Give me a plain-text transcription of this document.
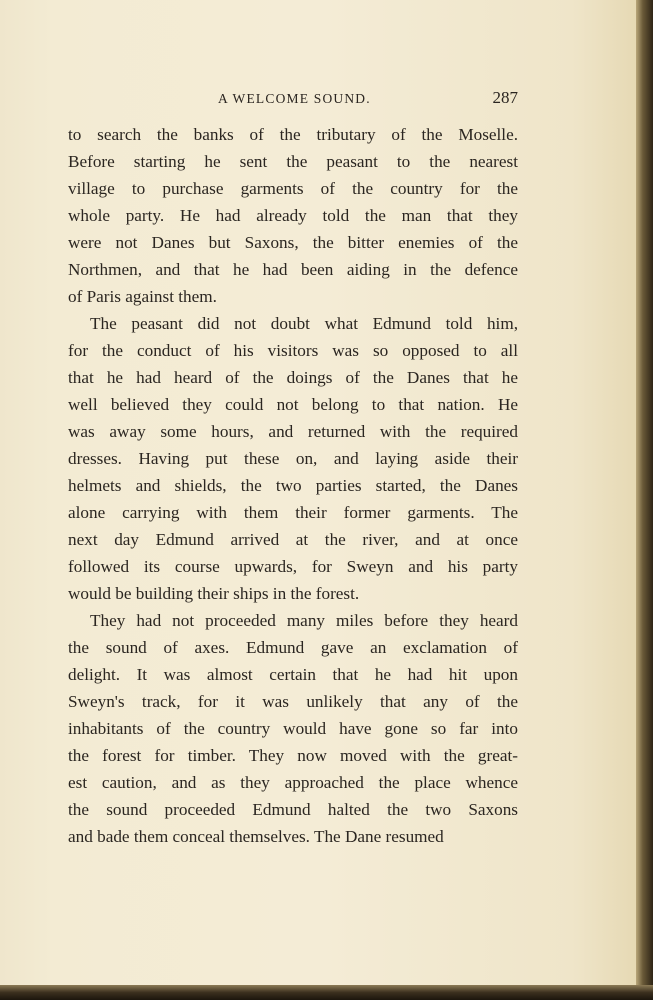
A WELCOME SOUND.	287
to search the banks of the tributary of the Moselle.
Before starting he sent the peasant to the nearest
village to purchase garments of the country for the
whole party. He had already told the man that they
were not Danes but Saxons, the bitter enemies of the
Northmen, and that he had been aiding in the defence
of Paris against them.
The peasant did not doubt what Edmund told him,
for the conduct of his visitors was so opposed to all
that he had heard of the doings of the Danes that he
well believed they could not belong to that nation. He
was away some hours, and returned with the required
dresses. Having put these on, and laying aside their
helmets and shields, the two parties started, the Danes
alone carrying with them their former garments. The
next day Edmund arrived at the river, and at once
followed its course upwards, for Sweyn and his party
would be building their ships in the forest.
They had not proceeded many miles before they heard
the sound of axes. Edmund gave an exclamation of
delight. It was almost certain that he had hit upon
Sweyn's track, for it was unlikely that any of the
inhabitants of the country would have gone so far into
the forest for timber. They now moved with the great-
est caution, and as they approached the place whence
the sound proceeded Edmund halted the two Saxons
and bade them conceal themselves. The Dane resumed
